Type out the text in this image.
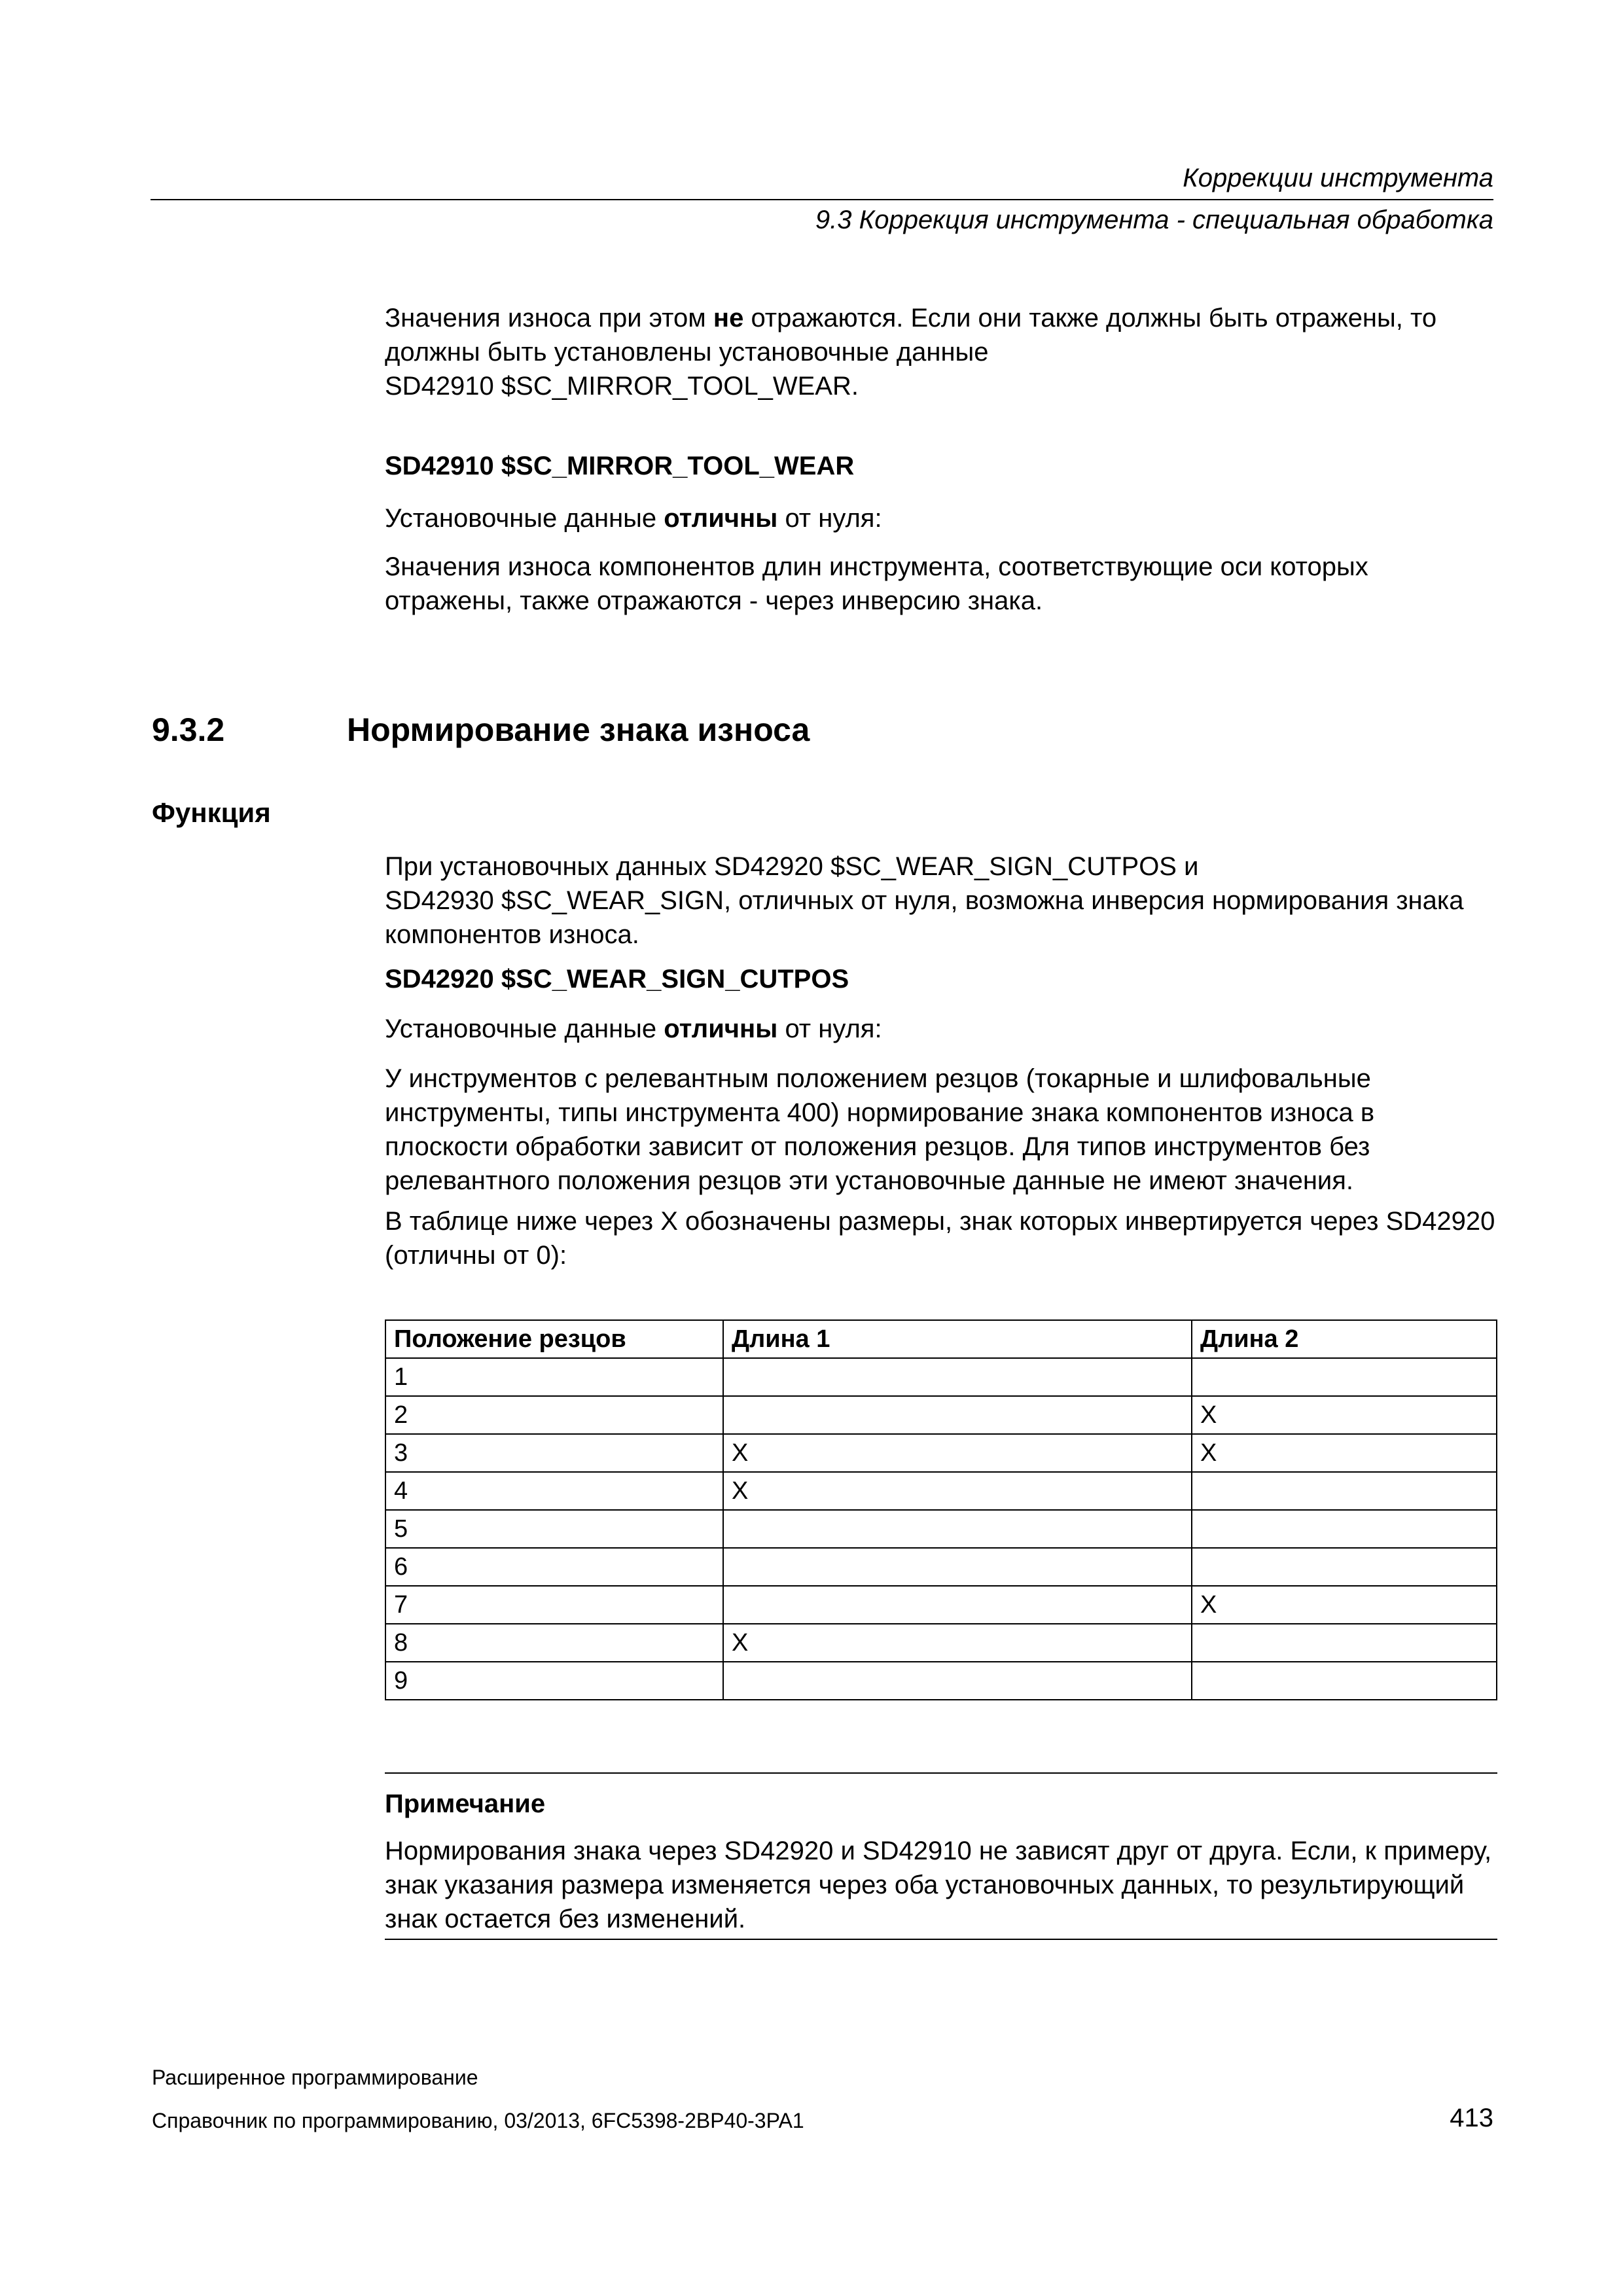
Коррекции инструмента
9.3 Коррекция инструмента - специальная обработка

Значения износа при этом не отражаются. Если они также должны быть отражены, то должны быть установлены установочные данные

SD42910 $SC_MIRROR_TOOL_WEAR.

SD42910 $SC_MIRROR_TOOL_WEAR

Установочные данные отличны от нуля:

Значения износа компонентов длин инструмента, соответствующие оси которых отражены, также отражаются - через инверсию знака.

9.3.2	Нормирование знака износа
Функция

При установочных данных SD42920 $SC_WEAR_SIGN_CUTPOS и

SD42930 $SC_WEAR_SIGN, отличных от нуля, возможна инверсия нормирования знака компонентов износа.

SD42920 $SC_WEAR_SIGN_CUTPOS

Установочные данные отличны от нуля:

У инструментов с релевантным положением резцов (токарные и шлифовальные инструменты, типы инструмента 400) нормирование знака компонентов износа в плоскости обработки зависит от положения резцов. Для типов инструментов без релевантного положения резцов эти установочные данные не имеют значения.

В таблице ниже через X обозначены размеры, знак которых инвертируется через SD42920 (отличны от 0):

Положение резцов	Длина 1	Длина 2
1		
2		X
3	X	X
4	X	
5		
6		
7		X
8	X	
9		
Примечание

Нормирования знака через SD42920 и SD42910 не зависят друг от друга. Если, к примеру, знак указания размера изменяется через оба установочных данных, то результирующий знак остается без изменений.

Расширенное программирование
Справочник по программированию, 03/2013, 6FC5398-2BP40-3PA1	413
